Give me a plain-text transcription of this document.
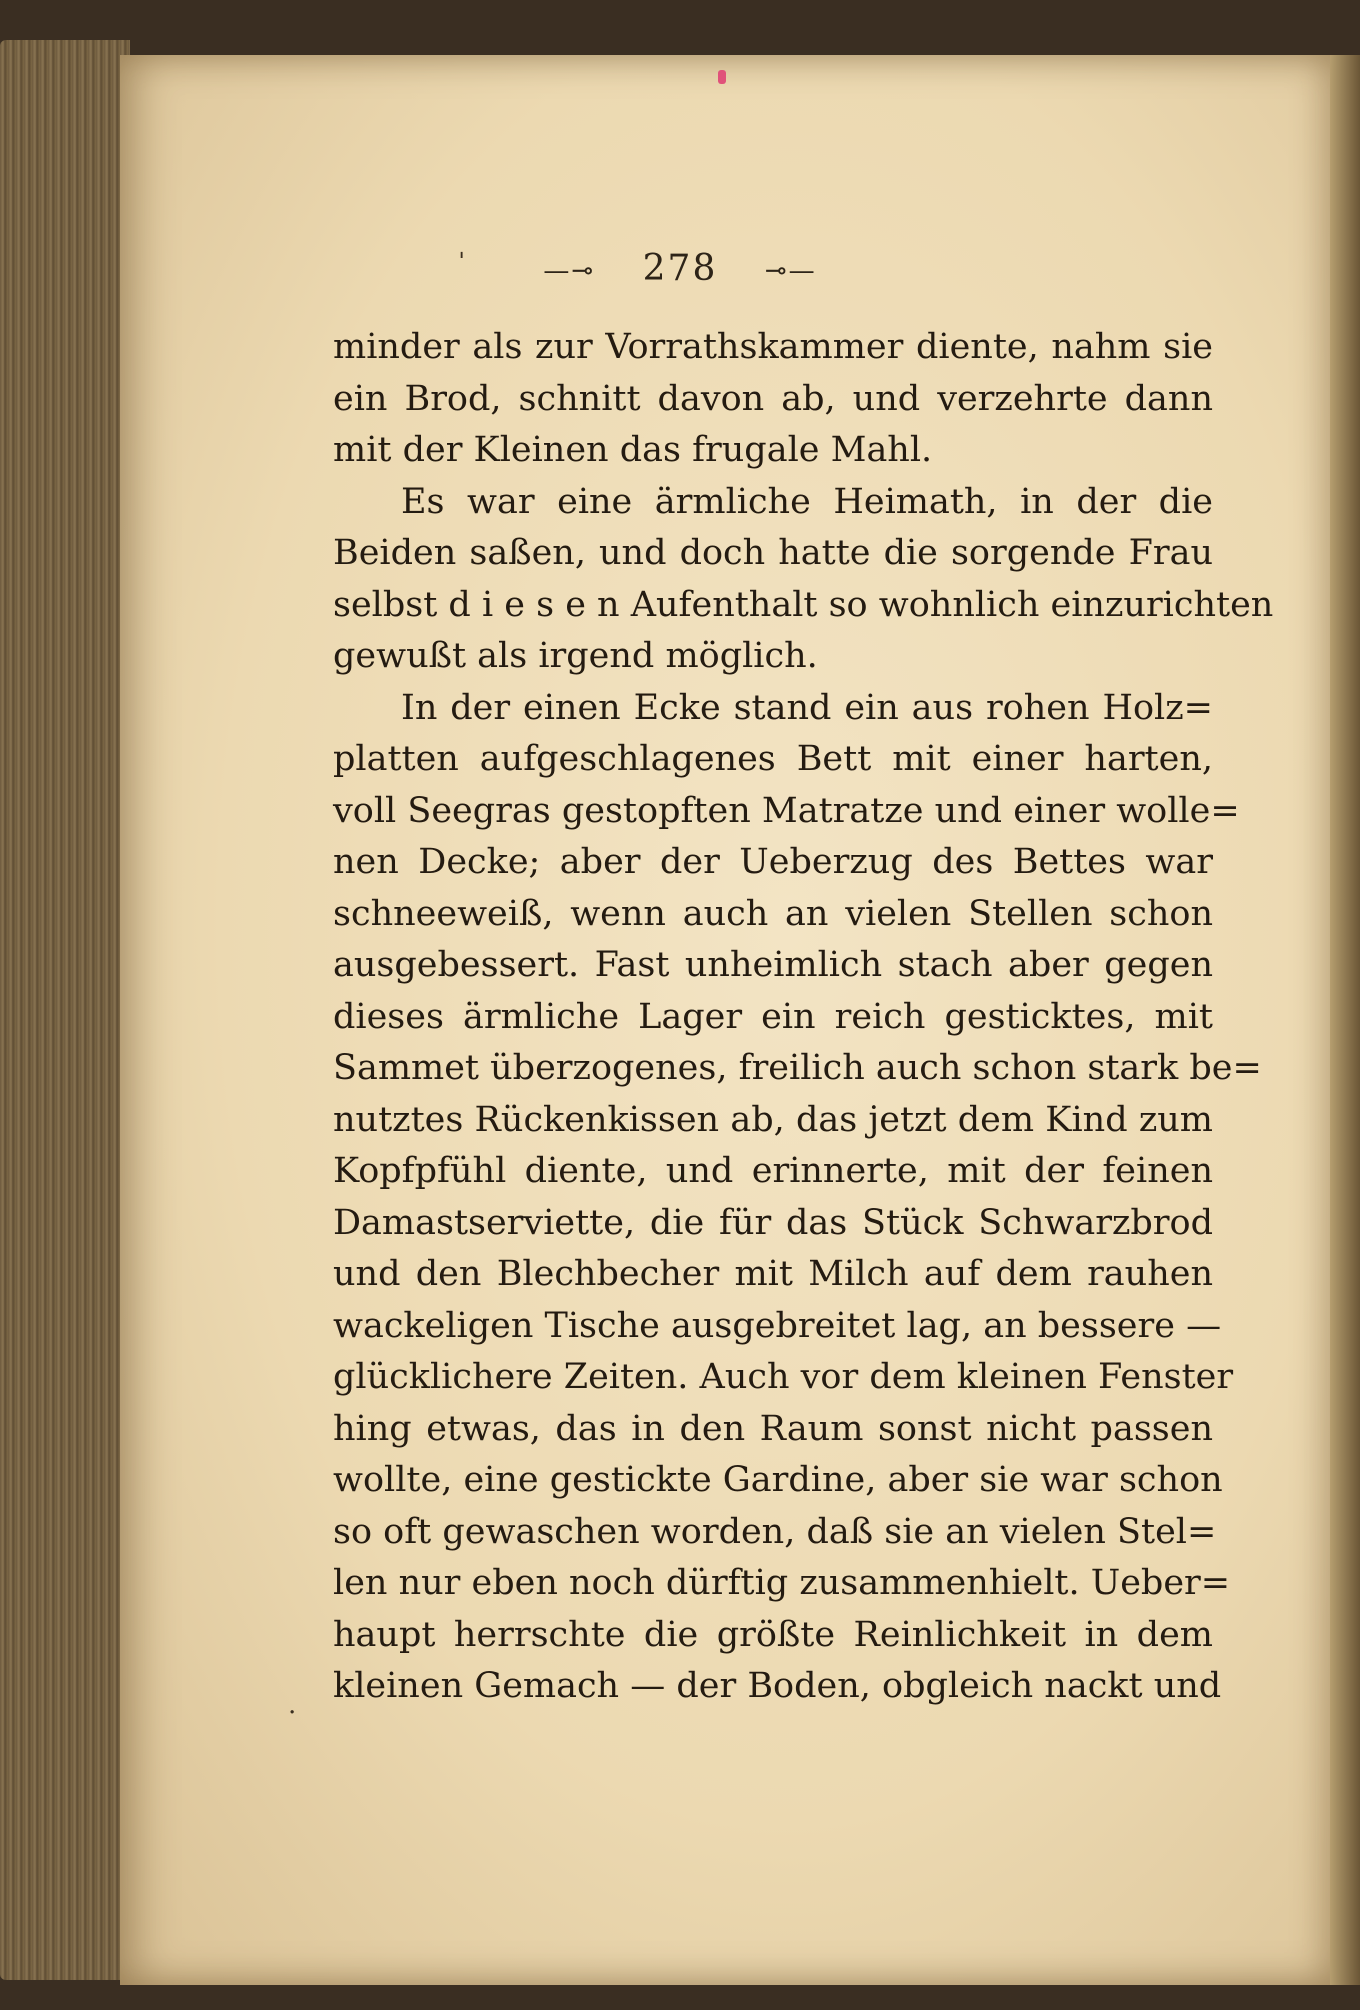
ˌ
.
—⊸ 278 ⊸—
minder als zur Vorrathskammer diente, nahm sie
ein Brod, schnitt davon ab, und verzehrte dann
mit der Kleinen das frugale Mahl.
Es war eine ärmliche Heimath, in der die
Beiden saßen, und doch hatte die sorgende Frau
selbst d i e s e n Aufenthalt so wohnlich einzurichten
gewußt als irgend möglich.
In der einen Ecke stand ein aus rohen Holz=
platten aufgeschlagenes Bett mit einer harten,
voll Seegras gestopften Matratze und einer wolle=
nen Decke; aber der Ueberzug des Bettes war
schneeweiß, wenn auch an vielen Stellen schon
ausgebessert. Fast unheimlich stach aber gegen
dieses ärmliche Lager ein reich gesticktes, mit
Sammet überzogenes, freilich auch schon stark be=
nutztes Rückenkissen ab, das jetzt dem Kind zum
Kopfpfühl diente, und erinnerte, mit der feinen
Damastserviette, die für das Stück Schwarzbrod
und den Blechbecher mit Milch auf dem rauhen
wackeligen Tische ausgebreitet lag, an bessere —
glücklichere Zeiten. Auch vor dem kleinen Fenster
hing etwas, das in den Raum sonst nicht passen
wollte, eine gestickte Gardine, aber sie war schon
so oft gewaschen worden, daß sie an vielen Stel=
len nur eben noch dürftig zusammenhielt. Ueber=
haupt herrschte die größte Reinlichkeit in dem
kleinen Gemach — der Boden, obgleich nackt und
